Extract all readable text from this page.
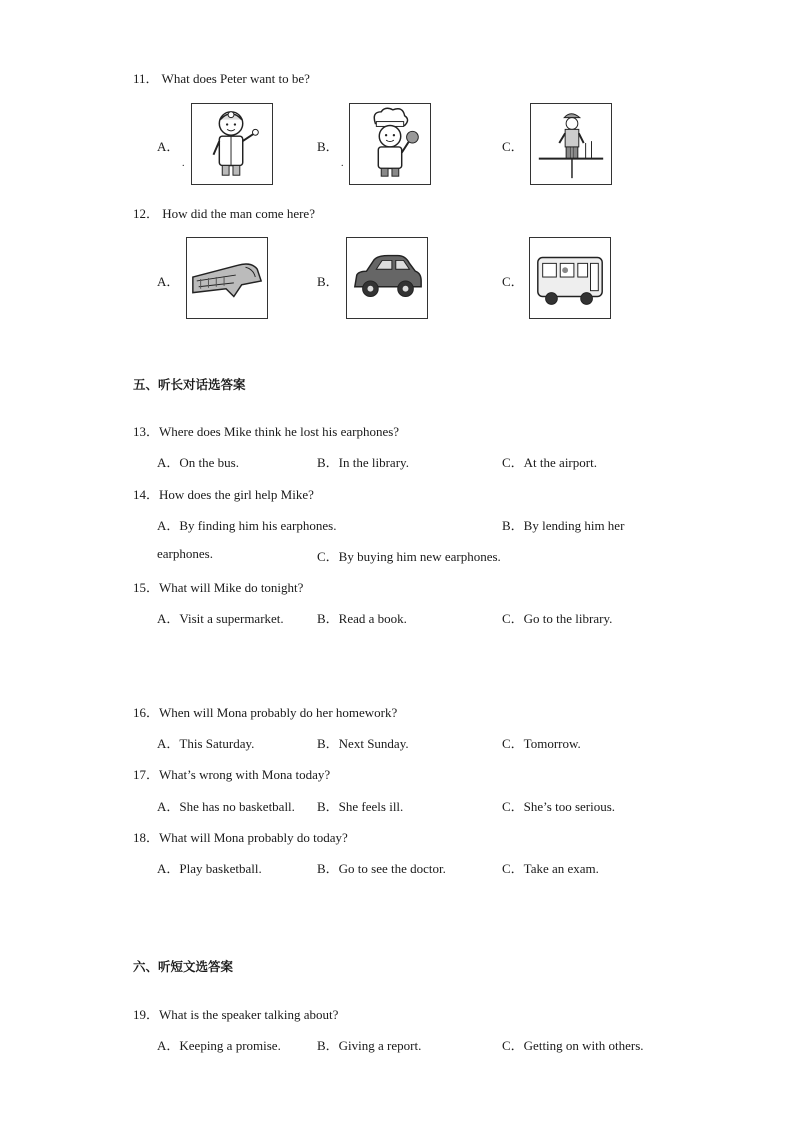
11． What does Peter want to be?
A．
.
B．
.
C．
12． How did the man come here?
A．	B．	C．
五、听长对话选答案
13．Where does Mike think he lost his earphones?
A．On the bus.	B．In the library.	C．At the airport.
14．How does the girl help Mike?
A．By finding him his earphones.	B．By lending him her
earphones.	C．By buying him new earphones.
15．What will Mike do tonight?
A．Visit a supermarket.	B．Read a book.	C．Go to the library.
16．When will Mona probably do her homework?
A．This Saturday.	B．Next Sunday.	C．Tomorrow.
17．What’s wrong with Mona today?
A．She has no basketball. B．She feels ill.	C．She’s too serious.
18．What will Mona probably do today?
A．Play basketball.	B．Go to see the doctor.	C．Take an exam.
六、听短文选答案
19．What is the speaker talking about?
A．Keeping a promise.	B．Giving a report.	C．Getting on with others.
